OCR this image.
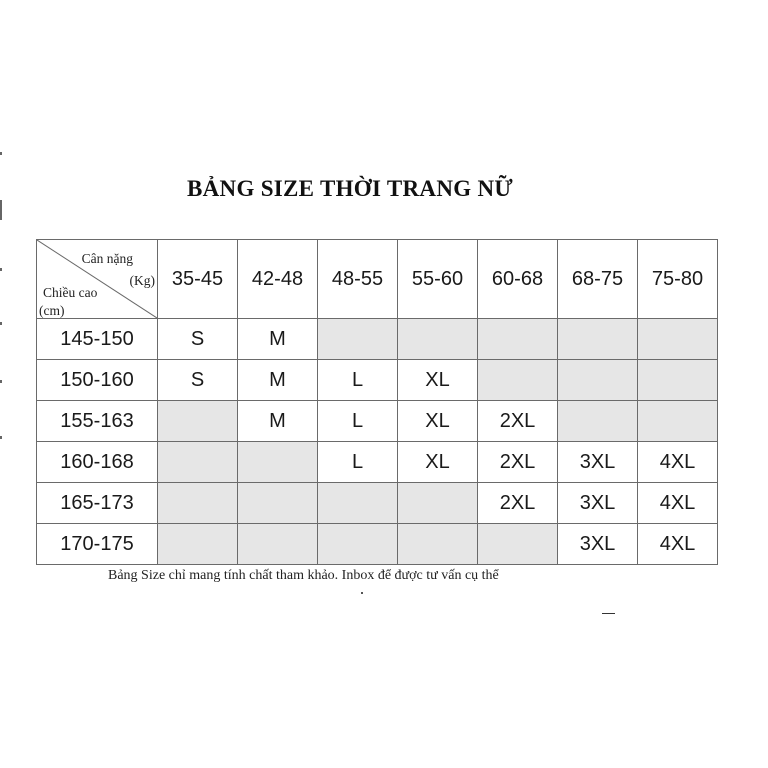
BẢNG SIZE THỜI TRANG NỮ
Cân nặng
(Kg)
Chiều cao
(cm)	35-45	42-48	48-55	55-60	60-68	68-75	75-80
145-150	S	M					
150-160	S	M	L	XL			
155-163		M	L	XL	2XL		
160-168			L	XL	2XL	3XL	4XL
165-173					2XL	3XL	4XL
170-175						3XL	4XL
Bảng Size chỉ mang tính chất tham khảo. Inbox để được tư vấn cụ thể
